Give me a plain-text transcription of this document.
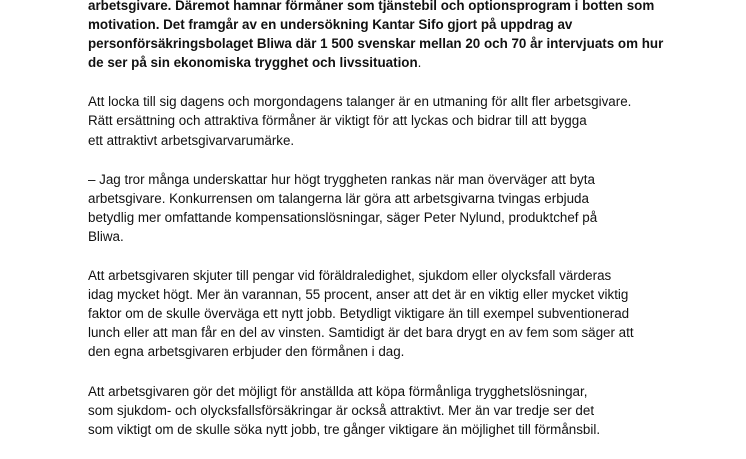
arbetsgivare. Däremot hamnar förmåner som tjänstebil och optionsprogram i botten som
motivation. Det framgår av en undersökning Kantar Sifo gjort på uppdrag av
personförsäkringsbolaget Bliwa där 1 500 svenskar mellan 20 och 70 år intervjuats om hur
de ser på sin ekonomiska trygghet och livssituation.

Att locka till sig dagens och morgondagens talanger är en utmaning för allt fler arbetsgivare.
Rätt ersättning och attraktiva förmåner är viktigt för att lyckas och bidrar till att bygga
ett attraktivt arbetsgivarvarumärke.

– Jag tror många underskattar hur högt tryggheten rankas när man överväger att byta
arbetsgivare. Konkurrensen om talangerna lär göra att arbetsgivarna tvingas erbjuda
betydlig mer omfattande kompensationslösningar, säger Peter Nylund, produktchef på
Bliwa.

Att arbetsgivaren skjuter till pengar vid föräldraledighet, sjukdom eller olycksfall värderas
idag mycket högt. Mer än varannan, 55 procent, anser att det är en viktig eller mycket viktig
faktor om de skulle överväga ett nytt jobb. Betydligt viktigare än till exempel subventionerad
lunch eller att man får en del av vinsten. Samtidigt är det bara drygt en av fem som säger att
den egna arbetsgivaren erbjuder den förmånen i dag.

Att arbetsgivaren gör det möjligt för anställda att köpa förmånliga trygghetslösningar,
som sjukdom- och olycksfallsförsäkringar är också attraktivt. Mer än var tredje ser det
som viktigt om de skulle söka nytt jobb, tre gånger viktigare än möjlighet till förmånsbil.
